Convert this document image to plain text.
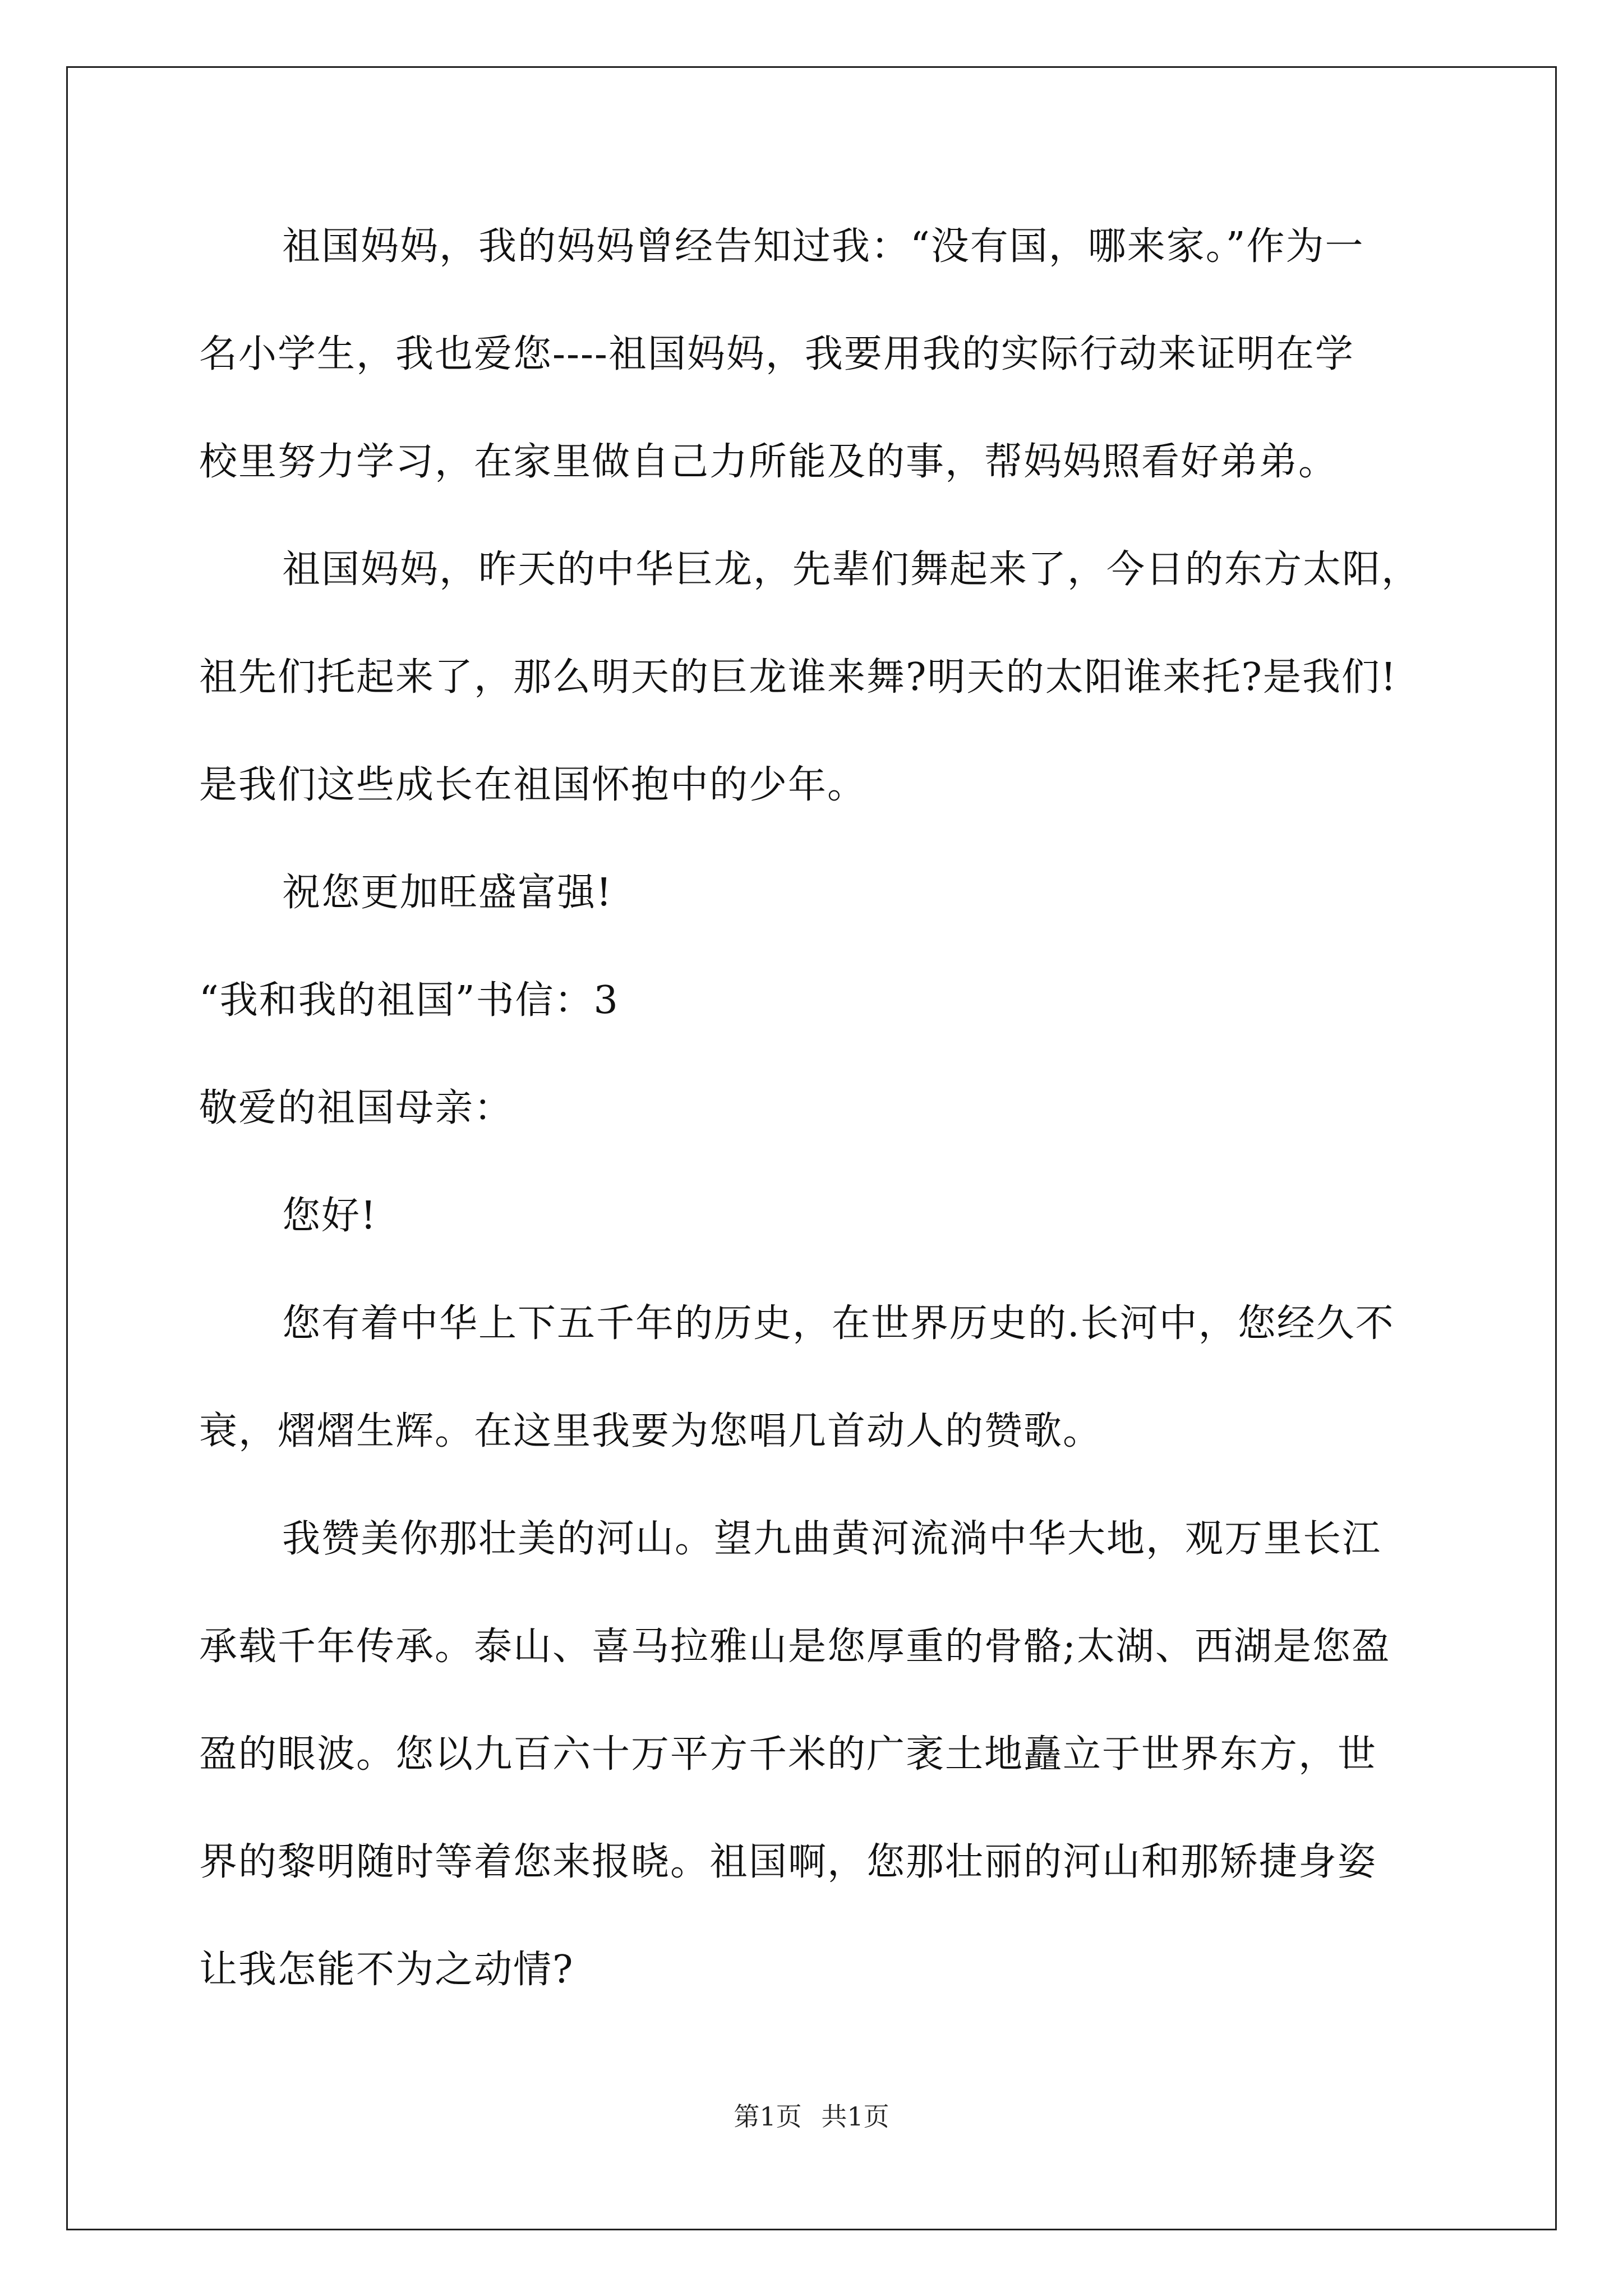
祖国妈妈，我的妈妈曾经告知过我：“没有国，哪来家。”作为一
名小学生，我也爱您----祖国妈妈，我要用我的实际行动来证明在学
校里努力学习，在家里做自己力所能及的事，帮妈妈照看好弟弟。
祖国妈妈，昨天的中华巨龙，先辈们舞起来了，今日的东方太阳，
祖先们托起来了，那么明天的巨龙谁来舞?明天的太阳谁来托?是我们!
是我们这些成长在祖国怀抱中的少年。
祝您更加旺盛富强!
“我和我的祖国”书信：3
敬爱的祖国母亲：
您好!
您有着中华上下五千年的历史，在世界历史的.长河中，您经久不
衰，熠熠生辉。在这里我要为您唱几首动人的赞歌。
我赞美你那壮美的河山。望九曲黄河流淌中华大地，观万里长江
承载千年传承。泰山、喜马拉雅山是您厚重的骨骼;太湖、西湖是您盈
盈的眼波。您以九百六十万平方千米的广袤土地矗立于世界东方，世
界的黎明随时等着您来报晓。祖国啊，您那壮丽的河山和那矫捷身姿
让我怎能不为之动情?
第1页 共1页
